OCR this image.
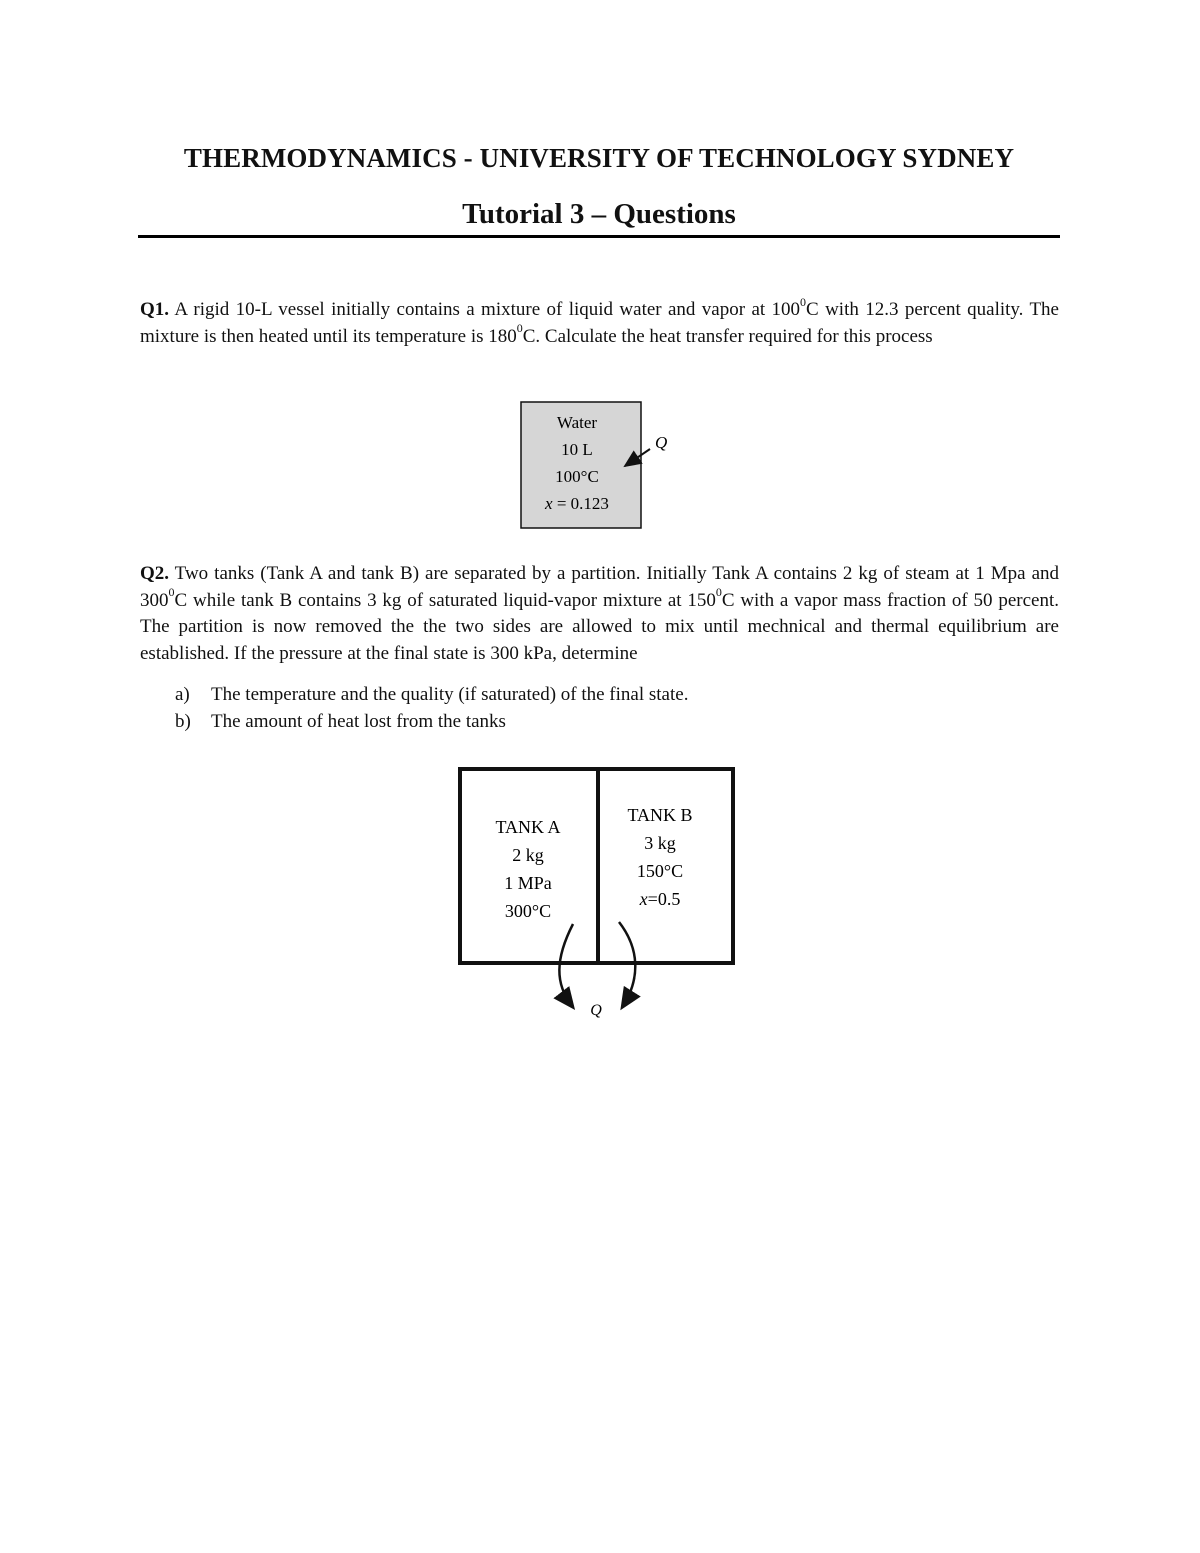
THERMODYNAMICS - UNIVERSITY OF TECHNOLOGY SYDNEY
Tutorial 3 – Questions
Q1. A rigid 10-L vessel initially contains a mixture of liquid water and vapor at $100^0C$ with 12.3 percent quality. The mixture is then heated until its temperature is $180^0C$. Calculate the heat transfer required for this process
Water
10 L
100°C
x = 0.123
Q
Q2. Two tanks (Tank A and tank B) are separated by a partition. Initially Tank A contains 2 kg of steam at 1 Mpa and $300^0C$ while tank B contains 3 kg of saturated liquid-vapor mixture at $150^0C$ with a vapor mass fraction of 50 percent. The partition is now removed the the two sides are allowed to mix until mechnical and thermal equilibrium are established. If the pressure at the final state is 300 kPa, determine
a)	The temperature and the quality (if saturated) of the final state.
b)	The amount of heat lost from the tanks
TANK A
2 kg
1 MPa
300°C
TANK B
3 kg
150°C
x=0.5
Q
